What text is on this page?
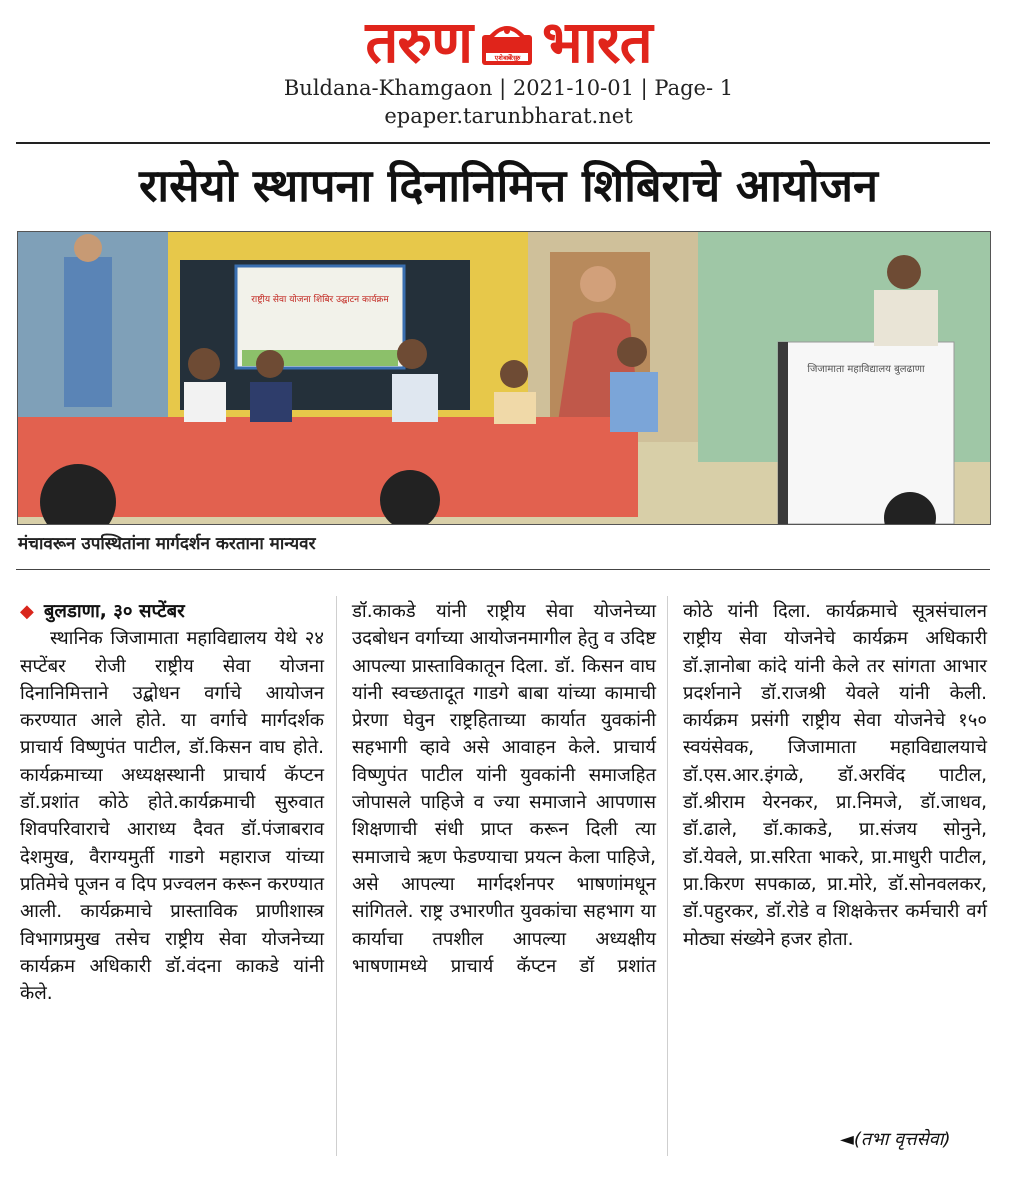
तरुण	ए शे बाबेरे सुरु भारत
Buldana-Khamgaon | 2021-10-01 | Page- 1
epaper.tarunbharat.net
रासेयो स्थापना दिनानिमित्त शिबिराचे आयोजन
राष्ट्रीय सेवा योजना शिबिर उद्घाटन कार्यक्रम
जिजामाता महाविद्यालय बुलढाणा
मंचावरून उपस्थितांना मार्गदर्शन करताना मान्यवर
◆ बुलडाणा, ३० सप्टेंबर

स्थानिक जिजामाता महाविद्यालय येथे २४ सप्टेंबर रोजी राष्ट्रीय सेवा योजना दिनानिमित्ताने उद्बोधन वर्गाचे आयोजन करण्यात आले होते. या वर्गाचे मार्गदर्शक प्राचार्य विष्णुपंत पाटील, डॉ.किसन वाघ होते. कार्यक्रमाच्या अध्यक्षस्थानी प्राचार्य कॅप्टन डॉ.प्रशांत कोठे होते.कार्यक्रमाची सुरुवात शिवपरिवाराचे आराध्य दैवत डॉ.पंजाबराव देशमुख, वैराग्यमुर्ती गाडगे महाराज यांच्या प्रतिमेचे पूजन व दिप प्रज्वलन करून करण्यात आली. कार्यक्रमाचे प्रास्ताविक प्राणीशास्त्र विभागप्रमुख तसेच राष्ट्रीय सेवा योजनेच्या कार्यक्रम अधिकारी डॉ.वंदना काकडे यांनी केले.

डॉ.काकडे यांनी राष्ट्रीय सेवा योजनेच्या उदबोधन वर्गाच्या आयोजनमागील हेतु व उदिष्ट आपल्या प्रास्ताविकातून दिला. डॉ. किसन वाघ यांनी स्वच्छतादूत गाडगे बाबा यांच्या कामाची प्रेरणा घेवुन राष्ट्रहिताच्या कार्यात युवकांनी सहभागी व्हावे असे आवाहन केले. प्राचार्य विष्णुपंत पाटील यांनी युवकांनी समाजहित जोपासले पाहिजे व ज्या समाजाने आपणास शिक्षणाची संधी प्राप्त करून दिली त्या समाजाचे ऋण फेडण्याचा प्रयत्न केला पाहिजे, असे आपल्या मार्गदर्शनपर भाषणांमधून सांगितले. राष्ट्र उभारणीत युवकांचा सहभाग या कार्याचा तपशील आपल्या अध्यक्षीय भाषणामध्ये प्राचार्य कॅप्टन डॉ प्रशांत

कोठे यांनी दिला. कार्यक्रमाचे सूत्रसंचालन राष्ट्रीय सेवा योजनेचे कार्यक्रम अधिकारी डॉ.ज्ञानोबा कांदे यांनी केले तर सांगता आभार प्रदर्शनाने डॉ.राजश्री येवले यांनी केली. कार्यक्रम प्रसंगी राष्ट्रीय सेवा योजनेचे १५० स्वयंसेवक, जिजामाता महाविद्यालयाचे डॉ.एस.आर.इंगळे, डॉ.अरविंद पाटील, डॉ.श्रीराम येरनकर, प्रा.निमजे, डॉ.जाधव, डॉ.ढाले, डॉ.काकडे, प्रा.संजय सोनुने, डॉ.येवले, प्रा.सरिता भाकरे, प्रा.माधुरी पाटील, प्रा.किरण सपकाळ, प्रा.मोरे, डॉ.सोनवलकर, डॉ.पहुरकर, डॉ.रोडे व शिक्षकेत्तर कर्मचारी वर्ग मोठ्या संख्येने हजर होता.

◄(तभा वृत्तसेवा)
